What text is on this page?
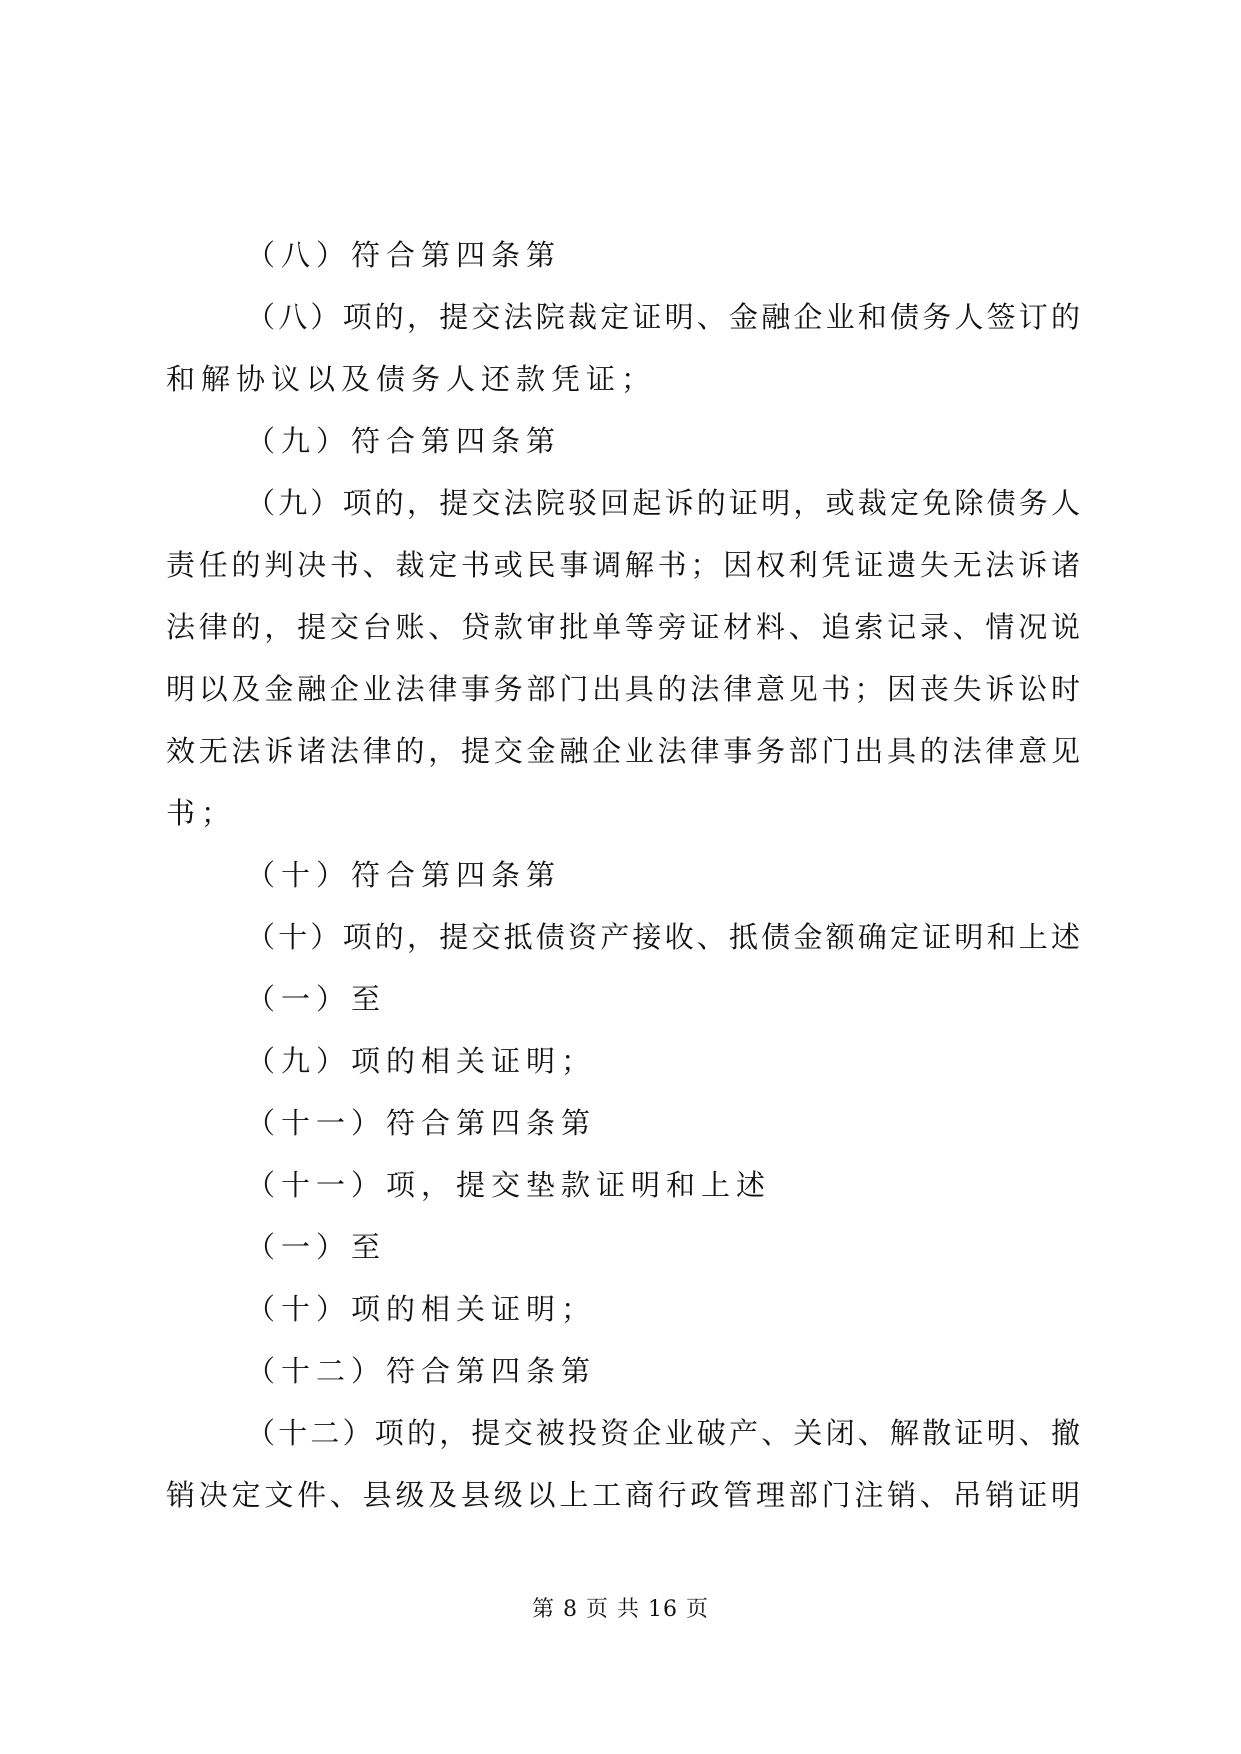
（八）符合第四条第
（八）项的，提交法院裁定证明、金融企业和债务人签订的
和解协议以及债务人还款凭证；
（九）符合第四条第
（九）项的，提交法院驳回起诉的证明，或裁定免除债务人
责任的判决书、裁定书或民事调解书；因权利凭证遗失无法诉诸
法律的，提交台账、贷款审批单等旁证材料、追索记录、情况说
明以及金融企业法律事务部门出具的法律意见书；因丧失诉讼时
效无法诉诸法律的，提交金融企业法律事务部门出具的法律意见
书；
（十）符合第四条第
（十）项的，提交抵债资产接收、抵债金额确定证明和上述
（一）至
（九）项的相关证明；
（十一）符合第四条第
（十一）项，提交垫款证明和上述
（一）至
（十）项的相关证明；
（十二）符合第四条第
（十二）项的，提交被投资企业破产、关闭、解散证明、撤
销决定文件、县级及县级以上工商行政管理部门注销、吊销证明
第 8 页 共 16 页
